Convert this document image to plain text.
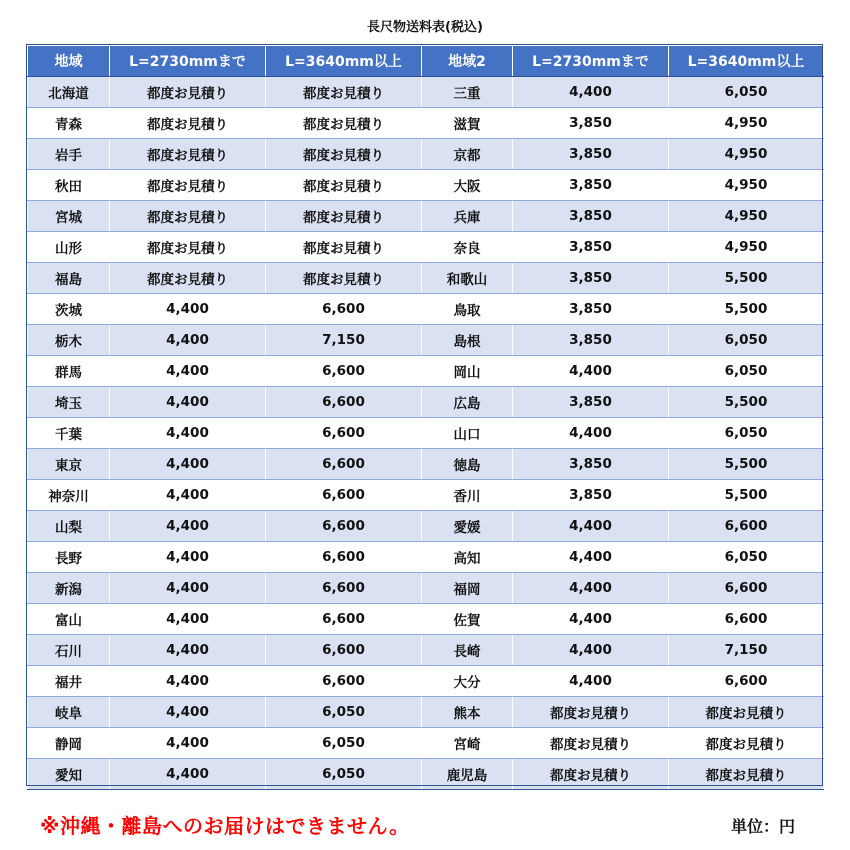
長尺物送料表(税込)
地域	L=2730mmまで	L=3640mm以上	地域2	L=2730mmまで	L=3640mm以上
北海道	都度お見積り	都度お見積り	三重	4,400	6,050
青森	都度お見積り	都度お見積り	滋賀	3,850	4,950
岩手	都度お見積り	都度お見積り	京都	3,850	4,950
秋田	都度お見積り	都度お見積り	大阪	3,850	4,950
宮城	都度お見積り	都度お見積り	兵庫	3,850	4,950
山形	都度お見積り	都度お見積り	奈良	3,850	4,950
福島	都度お見積り	都度お見積り	和歌山	3,850	5,500
茨城	4,400	6,600	鳥取	3,850	5,500
栃木	4,400	7,150	島根	3,850	6,050
群馬	4,400	6,600	岡山	4,400	6,050
埼玉	4,400	6,600	広島	3,850	5,500
千葉	4,400	6,600	山口	4,400	6,050
東京	4,400	6,600	徳島	3,850	5,500
神奈川	4,400	6,600	香川	3,850	5,500
山梨	4,400	6,600	愛媛	4,400	6,600
長野	4,400	6,600	高知	4,400	6,050
新潟	4,400	6,600	福岡	4,400	6,600
富山	4,400	6,600	佐賀	4,400	6,600
石川	4,400	6,600	長崎	4,400	7,150
福井	4,400	6,600	大分	4,400	6,600
岐阜	4,400	6,050	熊本	都度お見積り	都度お見積り
静岡	4,400	6,050	宮崎	都度お見積り	都度お見積り
愛知	4,400	6,050	鹿児島	都度お見積り	都度お見積り
※沖縄・離島へのお届けはできません。	単位：円
